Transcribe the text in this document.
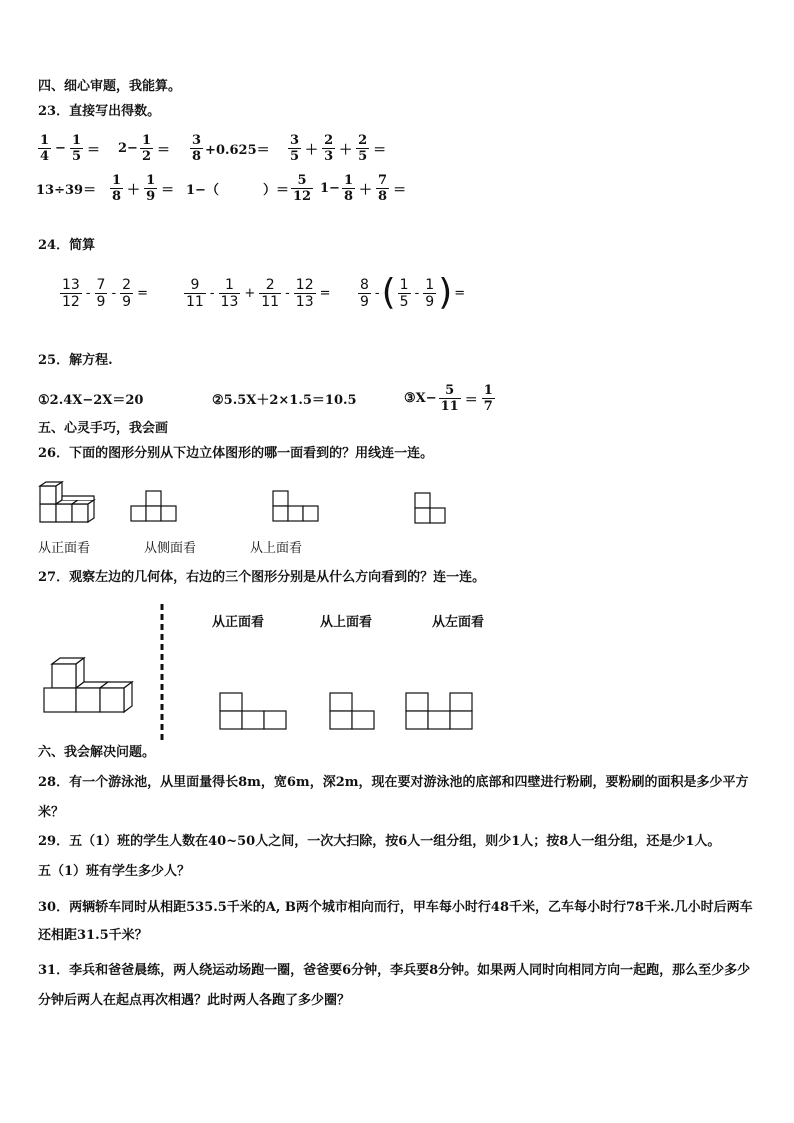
四、细心审题，我能算。
23．直接写出得数。
$\frac{1}{4} - \frac{1}{5} = 2- \frac{1}{2} = \frac{3}{8} +0.625= \frac{3}{5} + \frac{2}{3} + \frac{2}{5}$ ＝
$13\div 39= \frac{1}{8} + \frac{1}{9} = 1-$（	）＝ $\frac{5}{12} 1- \frac{1}{8} + \frac{7}{8}$ ＝
24．简算
$\frac{13}{12} - \frac{7}{9} - \frac{2}{9}$ =	$\frac{9}{11} - \frac{1}{13} + \frac{2}{11} - \frac{12}{13} = \frac{8}{9}$ - ( $\frac{1}{5} - \frac{1}{9}$ ) =
25．解方程.
①2.4X−2X＝20	②5.5X＋2×1.5＝10.5	③X− $\frac{5}{11} = \frac{1}{7}$
五、心灵手巧，我会画
26．下面的图形分别从下边立体图形的哪一面看到的？用线连一连。
从正面看	从侧面看	从上面看
27．观察左边的几何体，右边的三个图形分别是从什么方向看到的？连一连。
从正面看	从上面看	从左面看
六、我会解决问题。
28．有一个游泳池，从里面量得长8m，宽6m，深2m，现在要对游泳池的底部和四壁进行粉刷，要粉刷的面积是多少平方米？
29．五（1）班的学生人数在40~50人之间，一次大扫除，按6人一组分组，则少1人；按8人一组分组，还是少1人。
五（1）班有学生多少人？
30．两辆轿车同时从相距535.5千米的A, B两个城市相向而行，甲车每小时行48千米，乙车每小时行78千米.几小时后两车还相距31.5千米？
31．李兵和爸爸晨练，两人绕运动场跑一圈，爸爸要6分钟，李兵要8分钟。如果两人同时向相同方向一起跑，那么至少多少分钟后两人在起点再次相遇？此时两人各跑了多少圈？
